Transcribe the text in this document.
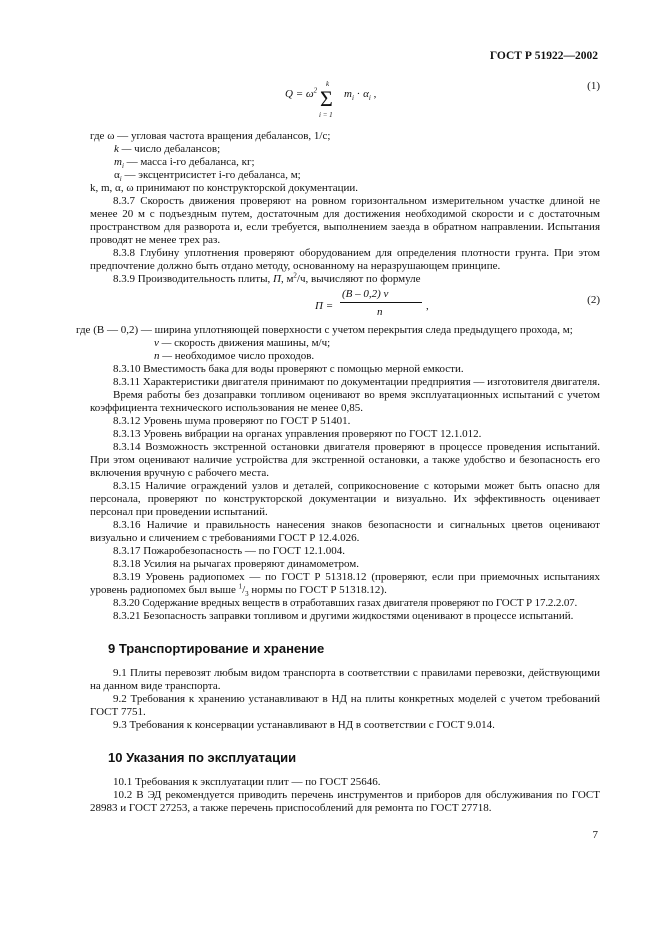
ГОСТ Р 51922—2002
$Q = \omega^2$
k
Σ
i = 1
$m_i \cdot \alpha_i$ ,
(1)

где ω — угловая частота вращения дебалансов, 1/с;

k — число дебалансов;

$m_i$ — масса i-го дебаланса, кг;

$\alpha_i$ — эксцентрисистет i-го дебаланса, м;

k, m, α, ω принимают по конструкторской документации.

8.3.7 Скорость движения проверяют на ровном горизонтальном измерительном участке длиной не менее 20 м с подъездным путем, достаточным для достижения необходимой скорости и с достаточным пространством для разворота и, если требуется, выполнением заезда в обратном направлении. Испытания проводят не менее трех раз.

8.3.8 Глубину уплотнения проверяют оборудованием для определения плотности грунта. При этом предпочтение должно быть отдано методу, основанному на неразрушающем принципе.

8.3.9 Производительность плиты, П, $м^2/ч$, вычисляют по формуле

П =
(B – 0,2) v
n	,	(2)

где (B — 0,2) — ширина уплотняющей поверхности с учетом перекрытия следа предыдущего прохода, м;

v — скорость движения машины, м/ч;

n — необходимое число проходов.

8.3.10 Вместимость бака для воды проверяют с помощью мерной емкости.

8.3.11 Характеристики двигателя принимают по документации предприятия — изготовителя двигателя.

Время работы без дозаправки топливом оценивают во время эксплуатационных испытаний с учетом коэффициента технического использования не менее 0,85.

8.3.12 Уровень шума проверяют по ГОСТ Р 51401.

8.3.13 Уровень вибрации на органах управления проверяют по ГОСТ 12.1.012.

8.3.14 Возможность экстренной остановки двигателя проверяют в процессе проведения испытаний. При этом оценивают наличие устройства для экстренной остановки, а также удобство и безопасность его включения вручную с рабочего места.

8.3.15 Наличие ограждений узлов и деталей, соприкосновение с которыми может быть опасно для персонала, проверяют по конструкторской документации и визуально. Их эффективность оценивает персонал при проведении испытаний.

8.3.16 Наличие и правильность нанесения знаков безопасности и сигнальных цветов оценивают визуально и сличением с требованиями ГОСТ Р 12.4.026.

8.3.17 Пожаробезопасность — по ГОСТ 12.1.004.

8.3.18 Усилия на рычагах проверяют динамометром.

8.3.19 Уровень радиопомех — по ГОСТ Р 51318.12 (проверяют, если при приемочных испытаниях уровень радиопомех был выше $^1/_3$ нормы по ГОСТ Р 51318.12).

8.3.20 Содержание вредных веществ в отработавших газах двигателя проверяют по ГОСТ Р 17.2.2.07.

8.3.21 Безопасность заправки топливом и другими жидкостями оценивают в процессе испытаний.

9 Транспортирование и хранение

9.1 Плиты перевозят любым видом транспорта в соответствии с правилами перевозки, действующими на данном виде транспорта.

9.2 Требования к хранению устанавливают в НД на плиты конкретных моделей с учетом требований ГОСТ 7751.

9.3 Требования к консервации устанавливают в НД в соответствии с ГОСТ 9.014.

10 Указания по эксплуатации

10.1 Требования к эксплуатации плит — по ГОСТ 25646.

10.2 В ЭД рекомендуется приводить перечень инструментов и приборов для обслуживания по ГОСТ 28983 и ГОСТ 27253, а также перечень приспособлений для ремонта по ГОСТ 27718.

7
